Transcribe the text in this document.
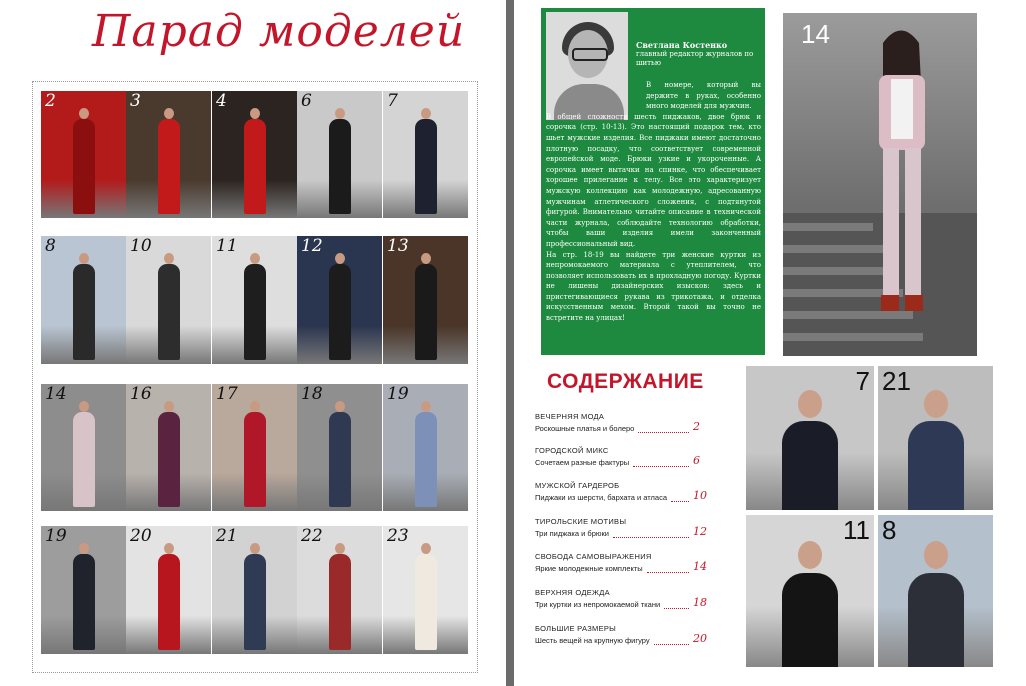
Парад моделей
2	3	4	6	7
8	10	11	12	13
14	16	17	18	19
19	20	21	22	23
Светлана Костенко
главный редактор журналов по шитью

В номере, который вы держите в руках, особенно много моделей для мужчин.

В общей сложности шесть пиджаков, двое брюк и сорочка (стр. 10-13). Это настоящий подарок тем, кто шьет мужские изделия. Все пиджаки имеют достаточно плотную посадку, что соответствует современной европейской моде. Брюки узкие и укороченные. А сорочка имеет вытачки на спинке, что обеспечивает хорошее прилегание к телу. Все это характеризует мужскую коллекцию как молодежную, адресованную мужчинам атлетического сложения, с подтянутой фигурой. Внимательно читайте описание в технической части журнала, соблюдайте технологию обработки, чтобы ваши изделия имели законченный профессиональный вид.

На стр. 18-19 вы найдете три женские куртки из непромокаемого материала с утеплителем, что позволяет использовать их в прохладную погоду. Куртки не лишены дизайнерских изысков: здесь и пристегивающиеся рукава из трикотажа, и отделка искусственным мехом. Второй такой вы точно не встретите на улицах!

14
СОДЕРЖАНИЕ
ВЕЧЕРНЯЯ МОДА
Роскошные платья и болеро	2
ГОРОДСКОЙ МИКС
Сочетаем разные фактуры	6
МУЖСКОЙ ГАРДЕРОБ
Пиджаки из шерсти, бархата и атласа 10
ТИРОЛЬСКИЕ МОТИВЫ
Три пиджака и брюки	12
СВОБОДА САМОВЫРАЖЕНИЯ
Яркие молодежные комплекты	14
ВЕРХНЯЯ ОДЕЖДА
Три куртки из непромокаемой ткани	18
БОЛЬШИЕ РАЗМЕРЫ
Шесть вещей на крупную фигуру	20
7 21
11 8
